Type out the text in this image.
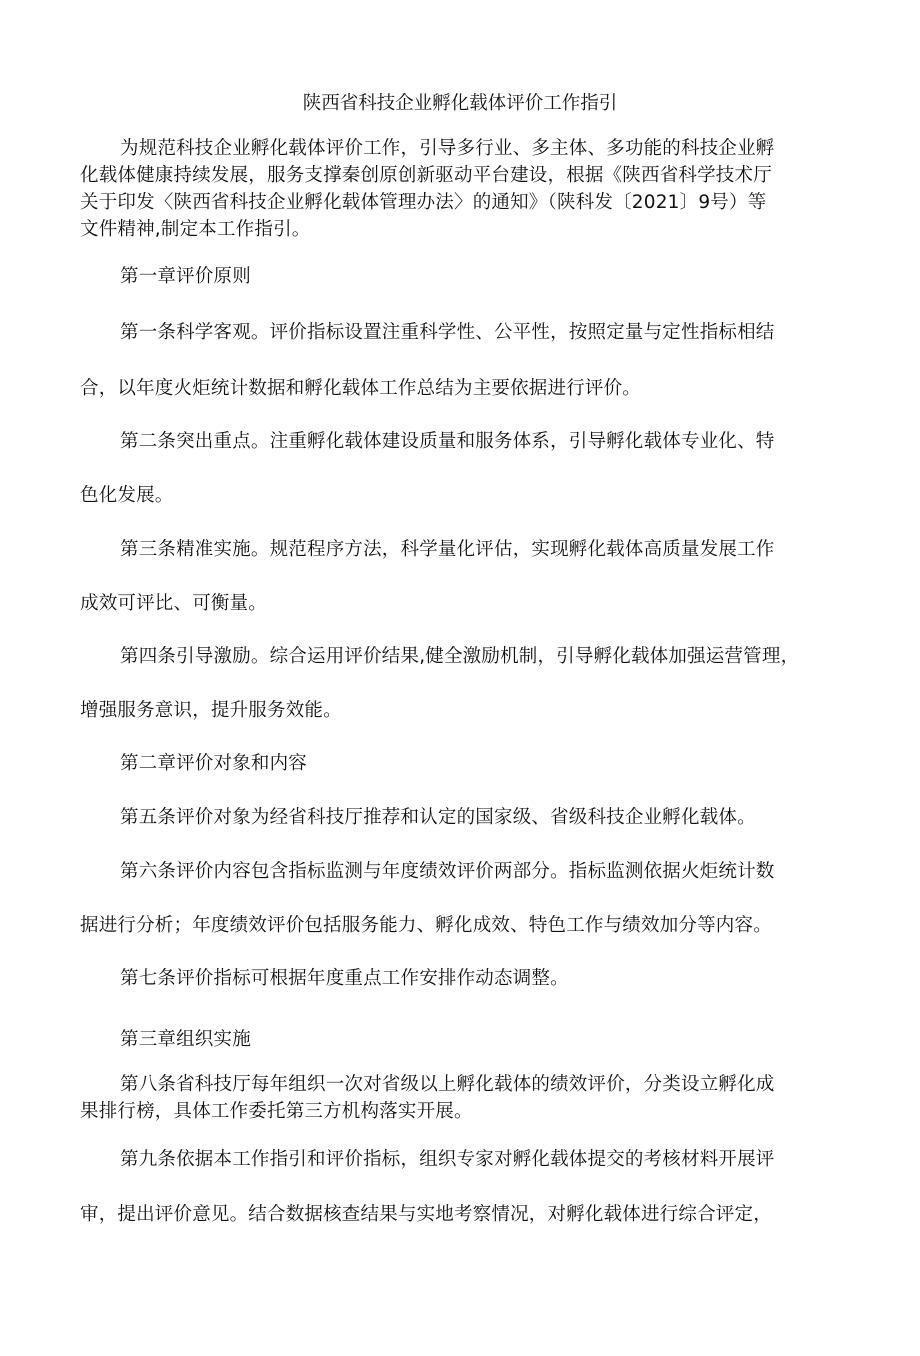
陕西省科技企业孵化载体评价工作指引
为规范科技企业孵化载体评价工作，引导多行业、多主体、多功能的科技企业孵
化载体健康持续发展，服务支撑秦创原创新驱动平台建设，根据《陕西省科学技术厅
关于印发〈陕西省科技企业孵化载体管理办法〉的通知》（陕科发〔2021〕9号）等
文件精神,制定本工作指引。
第一章评价原则
第一条科学客观。评价指标设置注重科学性、公平性，按照定量与定性指标相结
合，以年度火炬统计数据和孵化载体工作总结为主要依据进行评价。
第二条突出重点。注重孵化载体建设质量和服务体系，引导孵化载体专业化、特
色化发展。
第三条精准实施。规范程序方法，科学量化评估，实现孵化载体高质量发展工作
成效可评比、可衡量。
第四条引导激励。综合运用评价结果,健全激励机制，引导孵化载体加强运营管理，
增强服务意识，提升服务效能。
第二章评价对象和内容
第五条评价对象为经省科技厅推荐和认定的国家级、省级科技企业孵化载体。
第六条评价内容包含指标监测与年度绩效评价两部分。指标监测依据火炬统计数
据进行分析；年度绩效评价包括服务能力、孵化成效、特色工作与绩效加分等内容。
第七条评价指标可根据年度重点工作安排作动态调整。
第三章组织实施
第八条省科技厅每年组织一次对省级以上孵化载体的绩效评价，分类设立孵化成
果排行榜，具体工作委托第三方机构落实开展。
第九条依据本工作指引和评价指标，组织专家对孵化载体提交的考核材料开展评
审，提出评价意见。结合数据核查结果与实地考察情况，对孵化载体进行综合评定，
